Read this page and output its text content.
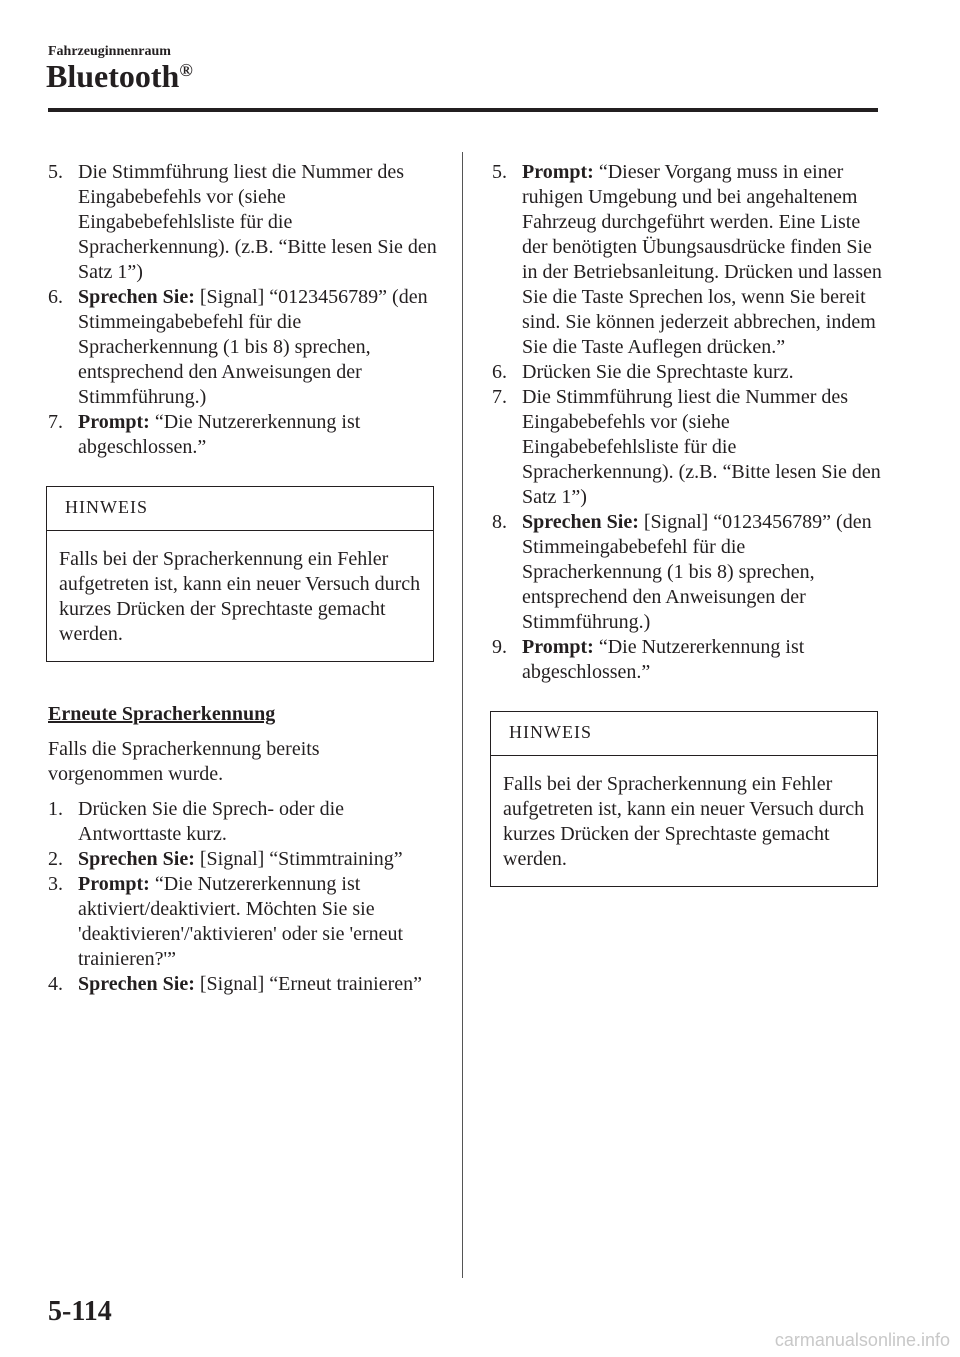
Fahrzeuginnenraum
Bluetooth®
5. Die Stimmführung liest die Nummer des Eingabebefehls vor (siehe Eingabebefehlsliste für die Spracherkennung). (z.B. “Bitte lesen Sie den Satz 1”)
6. Sprechen Sie: [Signal] “0123456789” (den Stimmeingabebefehl für die Spracherkennung (1 bis 8) sprechen, entsprechend den Anweisungen der Stimmführung.)
7. Prompt: “Die Nutzererkennung ist abgeschlossen.”
HINWEIS
Falls bei der Spracherkennung ein Fehler aufgetreten ist, kann ein neuer Versuch durch kurzes Drücken der Sprechtaste gemacht werden.
Erneute Spracherkennung
Falls die Spracherkennung bereits vorgenommen wurde.
1. Drücken Sie die Sprech- oder die Antworttaste kurz.
2. Sprechen Sie: [Signal] “Stimmtraining”
3. Prompt: “Die Nutzererkennung ist aktiviert/deaktiviert. Möchten Sie sie 'deaktivieren'/'aktivieren' oder sie 'erneut trainieren?'”
4. Sprechen Sie: [Signal] “Erneut trainieren”
5. Prompt: “Dieser Vorgang muss in einer ruhigen Umgebung und bei angehaltenem Fahrzeug durchgeführt werden. Eine Liste der benötigten Übungsausdrücke finden Sie in der Betriebsanleitung. Drücken und lassen Sie die Taste Sprechen los, wenn Sie bereit sind. Sie können jederzeit abbrechen, indem Sie die Taste Auflegen drücken.”
6. Drücken Sie die Sprechtaste kurz.
7. Die Stimmführung liest die Nummer des Eingabebefehls vor (siehe Eingabebefehlsliste für die Spracherkennung). (z.B. “Bitte lesen Sie den Satz 1”)
8. Sprechen Sie: [Signal] “0123456789” (den Stimmeingabebefehl für die Spracherkennung (1 bis 8) sprechen, entsprechend den Anweisungen der Stimmführung.)
9. Prompt: “Die Nutzererkennung ist abgeschlossen.”
HINWEIS
Falls bei der Spracherkennung ein Fehler aufgetreten ist, kann ein neuer Versuch durch kurzes Drücken der Sprechtaste gemacht werden.
5-114
carmanualsonline.info
